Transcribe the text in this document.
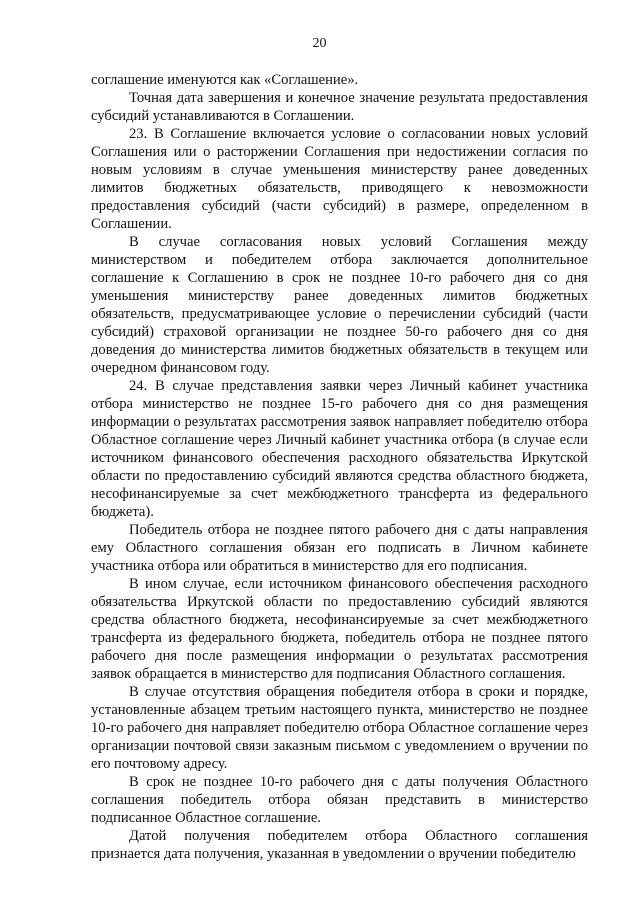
20

соглашение именуются как «Соглашение».

Точная дата завершения и конечное значение результата предоставления субсидий устанавливаются в Соглашении.

23. В Соглашение включается условие о согласовании новых условий Соглашения или о расторжении Соглашения при недостижении согласия по новым условиям в случае уменьшения министерству ранее доведенных лимитов бюджетных обязательств, приводящего к невозможности предоставления субсидий (части субсидий) в размере, определенном в Соглашении.

В случае согласования новых условий Соглашения между министерством и победителем отбора заключается дополнительное соглашение к Соглашению в срок не позднее 10-го рабочего дня со дня уменьшения министерству ранее доведенных лимитов бюджетных обязательств, предусматривающее условие о перечислении субсидий (части субсидий) страховой организации не позднее 50-го рабочего дня со дня доведения до министерства лимитов бюджетных обязательств в текущем или очередном финансовом году.

24. В случае представления заявки через Личный кабинет участника отбора министерство не позднее 15-го рабочего дня со дня размещения информации о результатах рассмотрения заявок направляет победителю отбора Областное соглашение через Личный кабинет участника отбора (в случае если источником финансового обеспечения расходного обязательства Иркутской области по предоставлению субсидий являются средства областного бюджета, несофинансируемые за счет межбюджетного трансферта из федерального бюджета).

Победитель отбора не позднее пятого рабочего дня с даты направления ему Областного соглашения обязан его подписать в Личном кабинете участника отбора или обратиться в министерство для его подписания.

В ином случае, если источником финансового обеспечения расходного обязательства Иркутской области по предоставлению субсидий являются средства областного бюджета, несофинансируемые за счет межбюджетного трансферта из федерального бюджета, победитель отбора не позднее пятого рабочего дня после размещения информации о результатах рассмотрения заявок обращается в министерство для подписания Областного соглашения.

В случае отсутствия обращения победителя отбора в сроки и порядке, установленные абзацем третьим настоящего пункта, министерство не позднее 10-го рабочего дня направляет победителю отбора Областное соглашение через организации почтовой связи заказным письмом с уведомлением о вручении по его почтовому адресу.

В срок не позднее 10-го рабочего дня с даты получения Областного соглашения победитель отбора обязан представить в министерство подписанное Областное соглашение.

Датой получения победителем отбора Областного соглашения признается дата получения, указанная в уведомлении о вручении победителю
